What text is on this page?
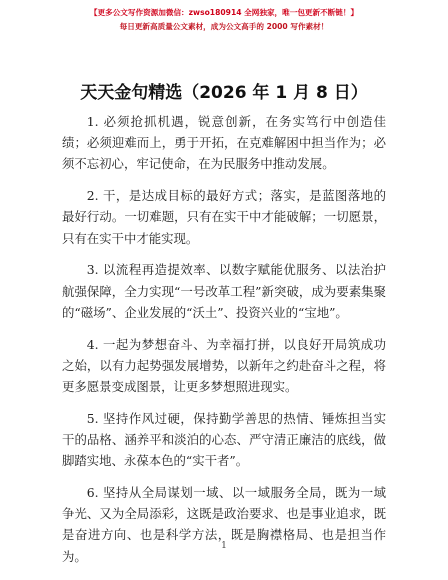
【更多公文写作资源加微信：zwso180914 全网独家，唯一包更新不断链！】
每日更新高质量公文素材，成为公文高手的 2000 写作素材！
天天金句精选（2026 年 1 月 8 日）

1. 必须抢抓机遇，锐意创新，在务实笃行中创造佳绩；必须迎难而上，勇于开拓，在克难解困中担当作为；必须不忘初心，牢记使命，在为民服务中推动发展。

2. 干，是达成目标的最好方式；落实，是蓝图落地的最好行动。一切难题，只有在实干中才能破解；一切愿景，只有在实干中才能实现。

3. 以流程再造提效率、以数字赋能优服务、以法治护航强保障，全力实现“一号改革工程”新突破，成为要素集聚的“磁场”、企业发展的“沃土”、投资兴业的“宝地”。

4. 一起为梦想奋斗、为幸福打拼，以良好开局筑成功之始，以有力起势强发展增势，以新年之约赴奋斗之程，将更多愿景变成图景，让更多梦想照进现实。

5. 坚持作风过硬，保持勤学善思的热情、锤炼担当实干的品格、涵养平和淡泊的心态、严守清正廉洁的底线，做脚踏实地、永葆本色的“实干者”。

6. 坚持从全局谋划一域、以一域服务全局，既为一域争光、又为全局添彩，这既是政治要求、也是事业追求，既是奋进方向、也是科学方法，既是胸襟格局、也是担当作为。

1
